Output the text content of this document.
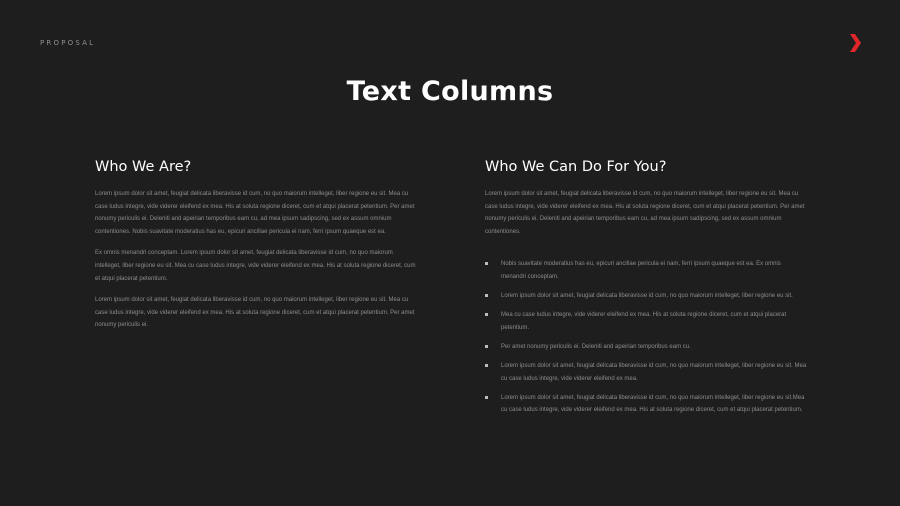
PROPOSAL
Text Columns
Who We Are?

Lorem ipsum dolor sit amet, feugiat delicata liberavisse id cum, no quo maiorum intelleget, liber regione eu sit. Mea cu case ludus integre, vide viderer eleifend ex mea. His at soluta regione diceret, cum et atqui placerat petentium. Per amet nonumy periculis ei. Deleniti and apeirian temporibus eam cu, ad mea ipsum sadipscing, sed ex assum omnium contentiones. Nobis suavitate moderatius has eu, epicuri ancillae pericula ei nam, ferri ipsum quaeque est ea.

Ex omnis menandri conceptam. Lorem ipsum dolor sit amet, feugiat delicata liberavisse id cum, no quo maiorum intelleget, liber regione eu sit. Mea cu case ludus integre, vide viderer eleifend ex mea. His at soluta regione diceret, cum et atqui placerat petentium.

Lorem ipsum dolor sit amet, feugiat delicata liberavisse id cum, no quo maiorum intelleget, liber regione eu sit. Mea cu case ludus integre, vide viderer eleifend ex mea. His at soluta regione diceret, cum et atqui placerat petentium. Per amet nonumy periculis ei.

Who We Can Do For You?

Lorem ipsum dolor sit amet, feugiat delicata liberavisse id cum, no quo maiorum intelleget, liber regione eu sit. Mea cu case ludus integre, vide viderer eleifend ex mea. His at soluta regione diceret, cum et atqui placerat petentium. Per amet nonumy periculis ei. Deleniti and apeirian temporibus eam cu, ad mea ipsum sadipscing, sed ex assum omnium contentiones.

Nobis suavitate moderatius has eu, epicuri ancillae pericula ei nam, ferri ipsum quaeque est ea. Ex omnis menandri conceptam.
Lorem ipsum dolor sit amet, feugiat delicata liberavisse id cum, no quo maiorum intelleget, liber regione eu sit.
Mea cu case ludus integre, vide viderer eleifend ex mea. His at soluta regione diceret, cum et atqui placerat petentium.
Per amet nonumy periculis ei. Deleniti and apeirian temporibus eam cu.
Lorem ipsum dolor sit amet, feugiat delicata liberavisse id cum, no quo maiorum intelleget, liber regione eu sit. Mea cu case ludus integre, vide viderer eleifend ex mea.
Lorem ipsum dolor sit amet, feugiat delicata liberavisse id cum, no quo maiorum intelleget, liber regione eu sit.Mea cu case ludus integre, vide viderer eleifend ex mea. His at soluta regione diceret, cum et atqui placerat petentium.
